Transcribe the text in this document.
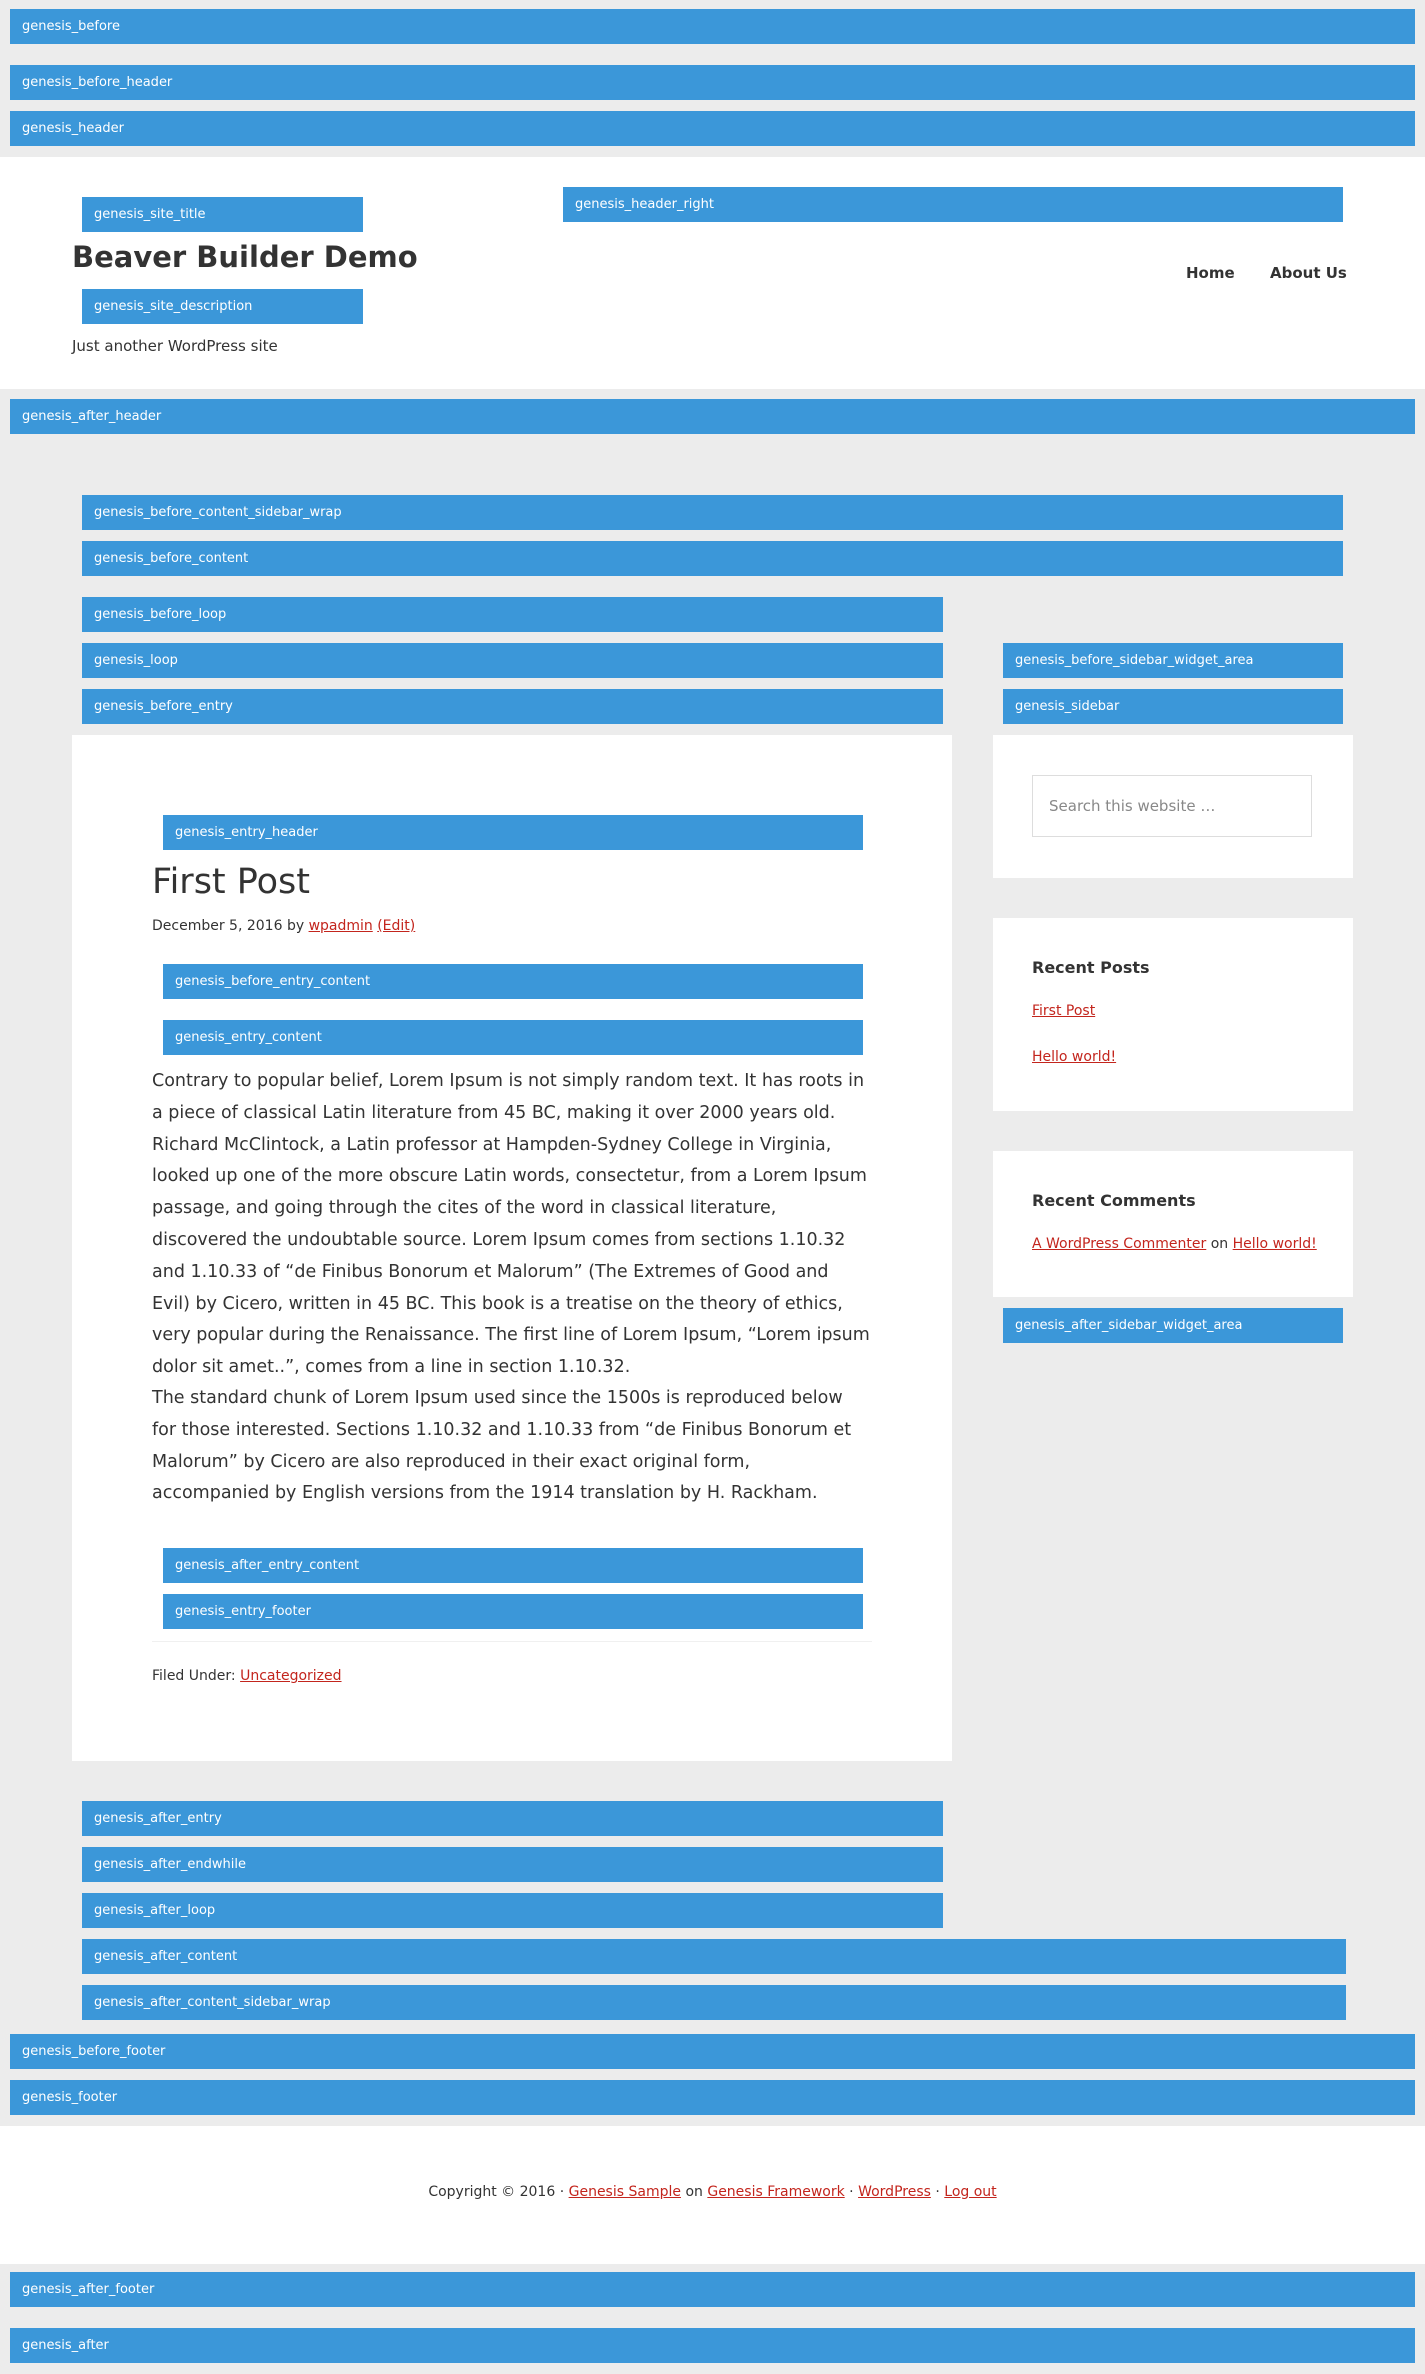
genesis_before
genesis_before_header
genesis_header
genesis_site_title
Beaver Builder Demo
genesis_site_description
Just another WordPress site
genesis_header_right
Home About Us
genesis_after_header
genesis_before_content_sidebar_wrap
genesis_before_content
genesis_before_loop
genesis_loop
genesis_before_entry
genesis_before_sidebar_widget_area
genesis_sidebar
genesis_entry_header
First Post
December 5, 2016 by wpadmin (Edit)
genesis_before_entry_content
genesis_entry_content

Contrary to popular belief, Lorem Ipsum is not simply random text. It has roots in a piece of classical Latin literature from 45 BC, making it over 2000 years old. Richard McClintock, a Latin professor at Hampden-Sydney College in Virginia, looked up one of the more obscure Latin words, consectetur, from a Lorem Ipsum passage, and going through the cites of the word in classical literature, discovered the undoubtable source. Lorem Ipsum comes from sections 1.10.32 and 1.10.33 of “de Finibus Bonorum et Malorum” (The Extremes of Good and Evil) by Cicero, written in 45 BC. This book is a treatise on the theory of ethics, very popular during the Renaissance. The first line of Lorem Ipsum, “Lorem ipsum dolor sit amet..”, comes from a line in section 1.10.32.

The standard chunk of Lorem Ipsum used since the 1500s is reproduced below for those interested. Sections 1.10.32 and 1.10.33 from “de Finibus Bonorum et Malorum” by Cicero are also reproduced in their exact original form, accompanied by English versions from the 1914 translation by H. Rackham.

genesis_after_entry_content
genesis_entry_footer
Filed Under: Uncategorized
Search this website …
Recent Posts
First Post
Hello world!
Recent Comments
A WordPress Commenter on Hello world!
genesis_after_sidebar_widget_area
genesis_after_entry
genesis_after_endwhile
genesis_after_loop
genesis_after_content
genesis_after_content_sidebar_wrap
genesis_before_footer
genesis_footer
Copyright © 2016 · Genesis Sample on Genesis Framework · WordPress · Log out
genesis_after_footer
genesis_after
